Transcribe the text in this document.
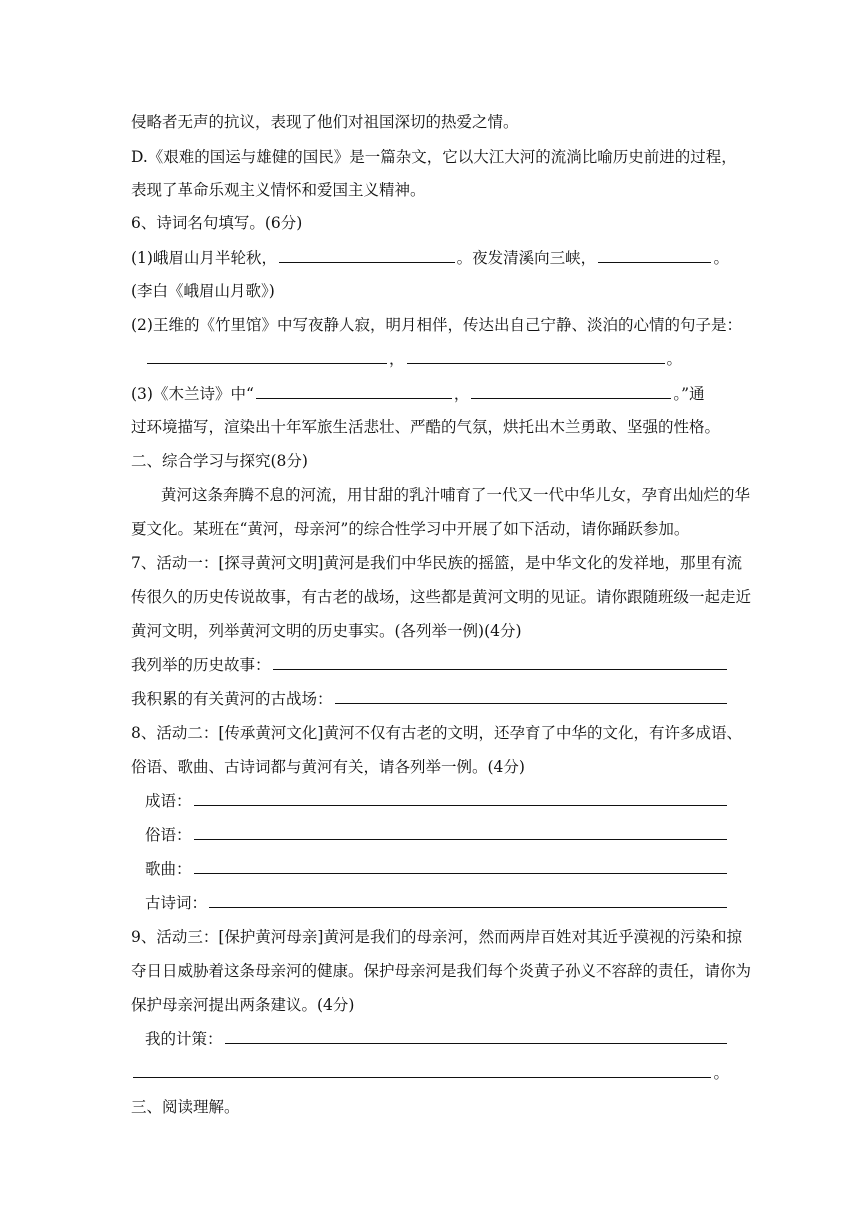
侵略者无声的抗议，表现了他们对祖国深切的热爱之情。
D.《艰难的国运与雄健的国民》是一篇杂文，它以大江大河的流淌比喻历史前进的过程，
表现了革命乐观主义情怀和爱国主义精神。
6、诗词名句填写。(6分)
(1)峨眉山月半轮秋，	。夜发清溪向三峡，	。
(李白《峨眉山月歌》)
(2)王维的《竹里馆》中写夜静人寂，明月相伴，传达出自己宁静、淡泊的心情的句子是：
，	。
(3)《木兰诗》中“	，	。”通
过环境描写，渲染出十年军旅生活悲壮、严酷的气氛，烘托出木兰勇敢、坚强的性格。
二、综合学习与探究(8分)
黄河这条奔腾不息的河流，用甘甜的乳汁哺育了一代又一代中华儿女，孕育出灿烂的华
夏文化。某班在“黄河，母亲河”的综合性学习中开展了如下活动，请你踊跃参加。
7、活动一：[探寻黄河文明]黄河是我们中华民族的摇篮，是中华文化的发祥地，那里有流
传很久的历史传说故事，有古老的战场，这些都是黄河文明的见证。请你跟随班级一起走近
黄河文明，列举黄河文明的历史事实。(各列举一例)(4分)
我列举的历史故事：
我积累的有关黄河的古战场：
8、活动二：[传承黄河文化]黄河不仅有古老的文明，还孕育了中华的文化，有许多成语、
俗语、歌曲、古诗词都与黄河有关，请各列举一例。(4分)
成语：
俗语：
歌曲：
古诗词：
9、活动三：[保护黄河母亲]黄河是我们的母亲河，然而两岸百姓对其近乎漠视的污染和掠
夺日日威胁着这条母亲河的健康。保护母亲河是我们每个炎黄子孙义不容辞的责任，请你为
保护母亲河提出两条建议。(4分)
我的计策：
。
三、阅读理解。
